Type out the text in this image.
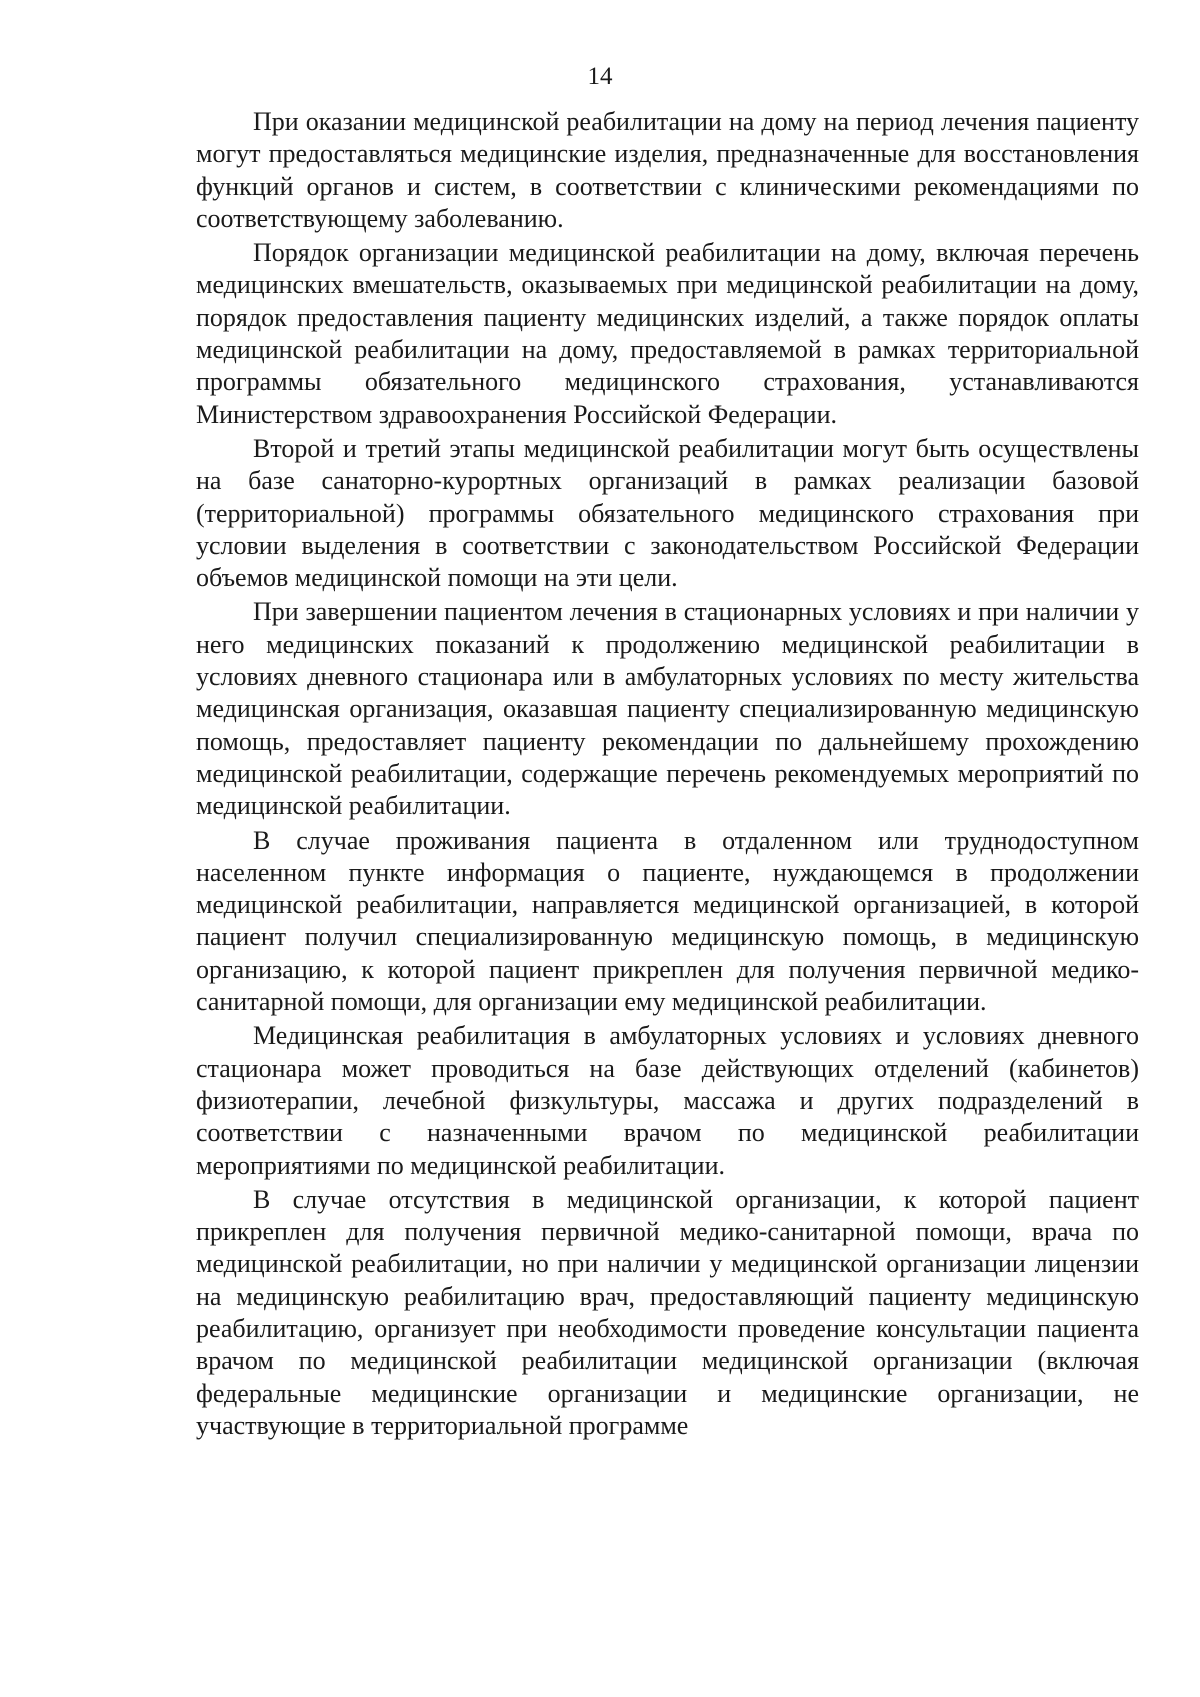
14

При оказании медицинской реабилитации на дому на период лечения пациенту могут предоставляться медицинские изделия, предназначенные для восстановления функций органов и систем, в соответствии с клиническими рекомендациями по соответствующему заболеванию.

Порядок организации медицинской реабилитации на дому, включая перечень медицинских вмешательств, оказываемых при медицинской реабилитации на дому, порядок предоставления пациенту медицинских изделий, а также порядок оплаты медицинской реабилитации на дому, предоставляемой в рамках территориальной программы обязательного медицинского страхования, устанавливаются Министерством здравоохранения Российской Федерации.

Второй и третий этапы медицинской реабилитации могут быть осуществлены на базе санаторно-курортных организаций в рамках реализации базовой (территориальной) программы обязательного медицинского страхования при условии выделения в соответствии с законодательством Российской Федерации объемов медицинской помощи на эти цели.

При завершении пациентом лечения в стационарных условиях и при наличии у него медицинских показаний к продолжению медицинской реабилитации в условиях дневного стационара или в амбулаторных условиях по месту жительства медицинская организация, оказавшая пациенту специализированную медицинскую помощь, предоставляет пациенту рекомендации по дальнейшему прохождению медицинской реабилитации, содержащие перечень рекомендуемых мероприятий по медицинской реабилитации.

В случае проживания пациента в отдаленном или труднодоступном населенном пункте информация о пациенте, нуждающемся в продолжении медицинской реабилитации, направляется медицинской организацией, в которой пациент получил специализированную медицинскую помощь, в медицинскую организацию, к которой пациент прикреплен для получения первичной медико-санитарной помощи, для организации ему медицинской реабилитации.

Медицинская реабилитация в амбулаторных условиях и условиях дневного стационара может проводиться на базе действующих отделений (кабинетов) физиотерапии, лечебной физкультуры, массажа и других подразделений в соответствии с назначенными врачом по медицинской реабилитации мероприятиями по медицинской реабилитации.

В случае отсутствия в медицинской организации, к которой пациент прикреплен для получения первичной медико-санитарной помощи, врача по медицинской реабилитации, но при наличии у медицинской организации лицензии на медицинскую реабилитацию врач, предоставляющий пациенту медицинскую реабилитацию, организует при необходимости проведение консультации пациента врачом по медицинской реабилитации медицинской организации (включая федеральные медицинские организации и медицинские организации, не участвующие в территориальной программе
